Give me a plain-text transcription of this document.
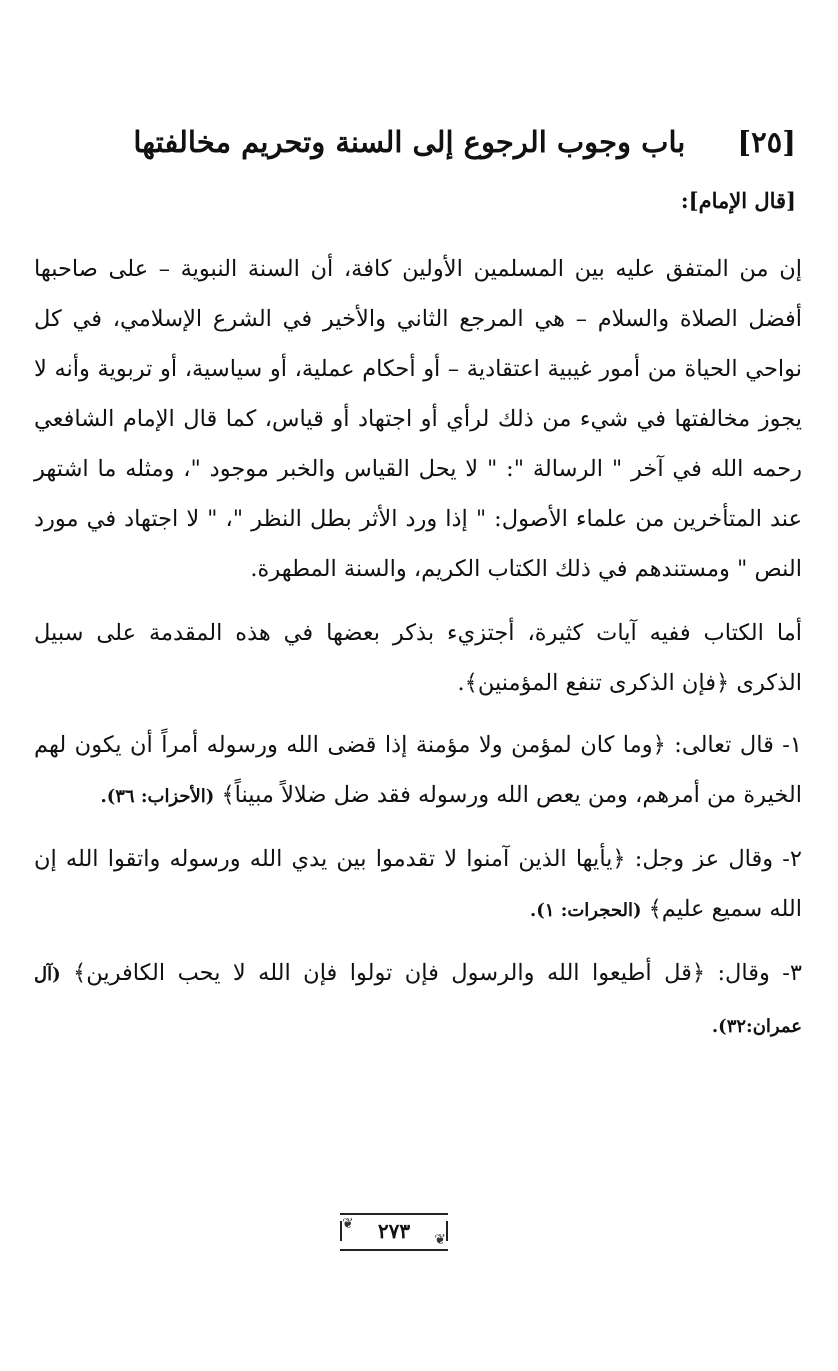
[٢٥]
باب وجوب الرجوع إلى السنة وتحريم مخالفتها
[قال الإمام]:

إن من المتفق عليه بين المسلمين الأولين كافة، أن السنة النبوية – على صاحبها أفضل الصلاة والسلام – هي المرجع الثاني والأخير في الشرع الإسلامي، في كل نواحي الحياة من أمور غيبية اعتقادية – أو أحكام عملية، أو سياسية، أو تربوية وأنه لا يجوز مخالفتها في شيء من ذلك لرأي أو اجتهاد أو قياس، كما قال الإمام الشافعي رحمه الله في آخر " الرسالة ": " لا يحل القياس والخبر موجود "، ومثله ما اشتهر عند المتأخرين من علماء الأصول: " إذا ورد الأثر بطل النظر "، " لا اجتهاد في مورد النص " ومستندهم في ذلك الكتاب الكريم، والسنة المطهرة.

أما الكتاب ففيه آيات كثيرة، أجتزيء بذكر بعضها في هذه المقدمة على سبيل الذكرى ﴿فإن الذكرى تنفع المؤمنين﴾.

١- قال تعالى: ﴿وما كان لمؤمن ولا مؤمنة إذا قضى الله ورسوله أمراً أن يكون لهم الخيرة من أمرهم، ومن يعص الله ورسوله فقد ضل ضلالاً مبيناً﴾ (الأحزاب: ٣٦).

٢- وقال عز وجل: ﴿يأيها الذين آمنوا لا تقدموا بين يدي الله ورسوله واتقوا الله إن الله سميع عليم﴾ (الحجرات: ١).

٣- وقال: ﴿قل أطيعوا الله والرسول فإن تولوا فإن الله لا يحب الكافرين﴾ (آل عمران:٣٢).

❦
❦
٢٧٣
